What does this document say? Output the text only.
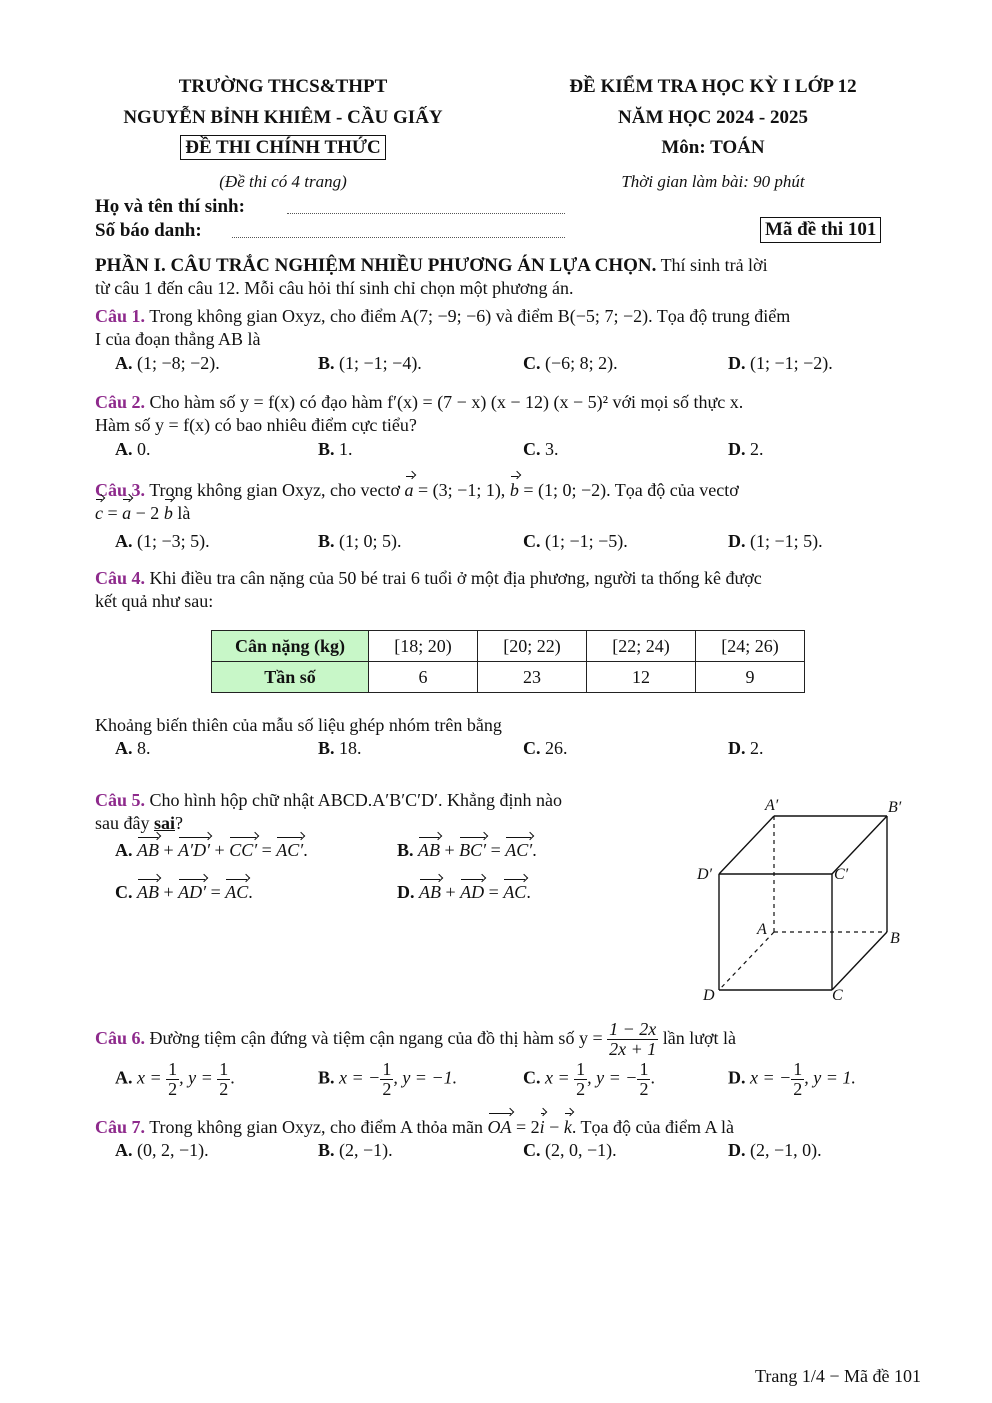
TRƯỜNG THCS&THPT
NGUYỄN BỈNH KHIÊM - CẦU GIẤY
ĐỀ THI CHÍNH THỨC
(Đề thi có 4 trang)
ĐỀ KIỂM TRA HỌC KỲ I LỚP 12
NĂM HỌC 2024 - 2025
Môn: TOÁN
Thời gian làm bài: 90 phút
Họ và tên thí sinh:
Số báo danh:	Mã đề thi 101
PHẦN I. CÂU TRẮC NGHIỆM NHIỀU PHƯƠNG ÁN LỰA CHỌN. Thí sinh trả lời
từ câu 1 đến câu 12. Mỗi câu hỏi thí sinh chỉ chọn một phương án.
Câu 1. Trong không gian Oxyz, cho điểm A(7; −9; −6) và điểm B(−5; 7; −2). Tọa độ trung điểm
I của đoạn thẳng AB là
A. (1; −8; −2).	B. (1; −1; −4).	C. (−6; 8; 2).	D. (1; −1; −2).
Câu 2. Cho hàm số y = f(x) có đạo hàm f′(x) = (7 − x) (x − 12) (x − 5)² với mọi số thực x.
Hàm số y = f(x) có bao nhiêu điểm cực tiểu?
A. 0.	B. 1.	C. 3.	D. 2.
Câu 3. Trong không gian Oxyz, cho vectơ a = (3; −1; 1), b = (1; 0; −2). Tọa độ của vectơ
c = a − 2 b là
A. (1; −3; 5).	B. (1; 0; 5).	C. (1; −1; −5).	D. (1; −1; 5).
Câu 4. Khi điều tra cân nặng của 50 bé trai 6 tuổi ở một địa phương, người ta thống kê được
kết quả như sau:
Cân nặng (kg)	[18; 20)	[20; 22)	[22; 24)	[24; 26)
Tần số	6	23	12	9
Khoảng biến thiên của mẫu số liệu ghép nhóm trên bằng
A. 8.	B. 18.	C. 26.	D. 2.
Câu 5. Cho hình hộp chữ nhật ABCD.A′B′C′D′. Khẳng định nào
sau đây sai?
A. AB + A′D′ + CC′ = AC′.	B. AB + BC′ = AC′.
C. AB + AD′ = AC.	D. AB + AD = AC.
A′	B′
D′	C′
A
B
D	C
Câu 6. Đường tiệm cận đứng và tiệm cận ngang của đồ thị hàm số $y = \frac{1 - 2x}{2x + 1}$ lần lượt là
A. $x = \frac{1}{2}$ , $y = \frac{1}{2}$ .	B. x = − $\frac{1}{2}$ , y = −1.	C. $x = \frac{1}{2}$ , y = − $\frac{1}{2}$ .	D. x = − $\frac{1}{2}$ , y = 1.
Câu 7. Trong không gian Oxyz, cho điểm A thỏa mãn OA = 2i − k. Tọa độ của điểm A là
A. (0, 2, −1).	B. (2, −1).	C. (2, 0, −1).	D. (2, −1, 0).
Trang 1/4 − Mã đề 101
